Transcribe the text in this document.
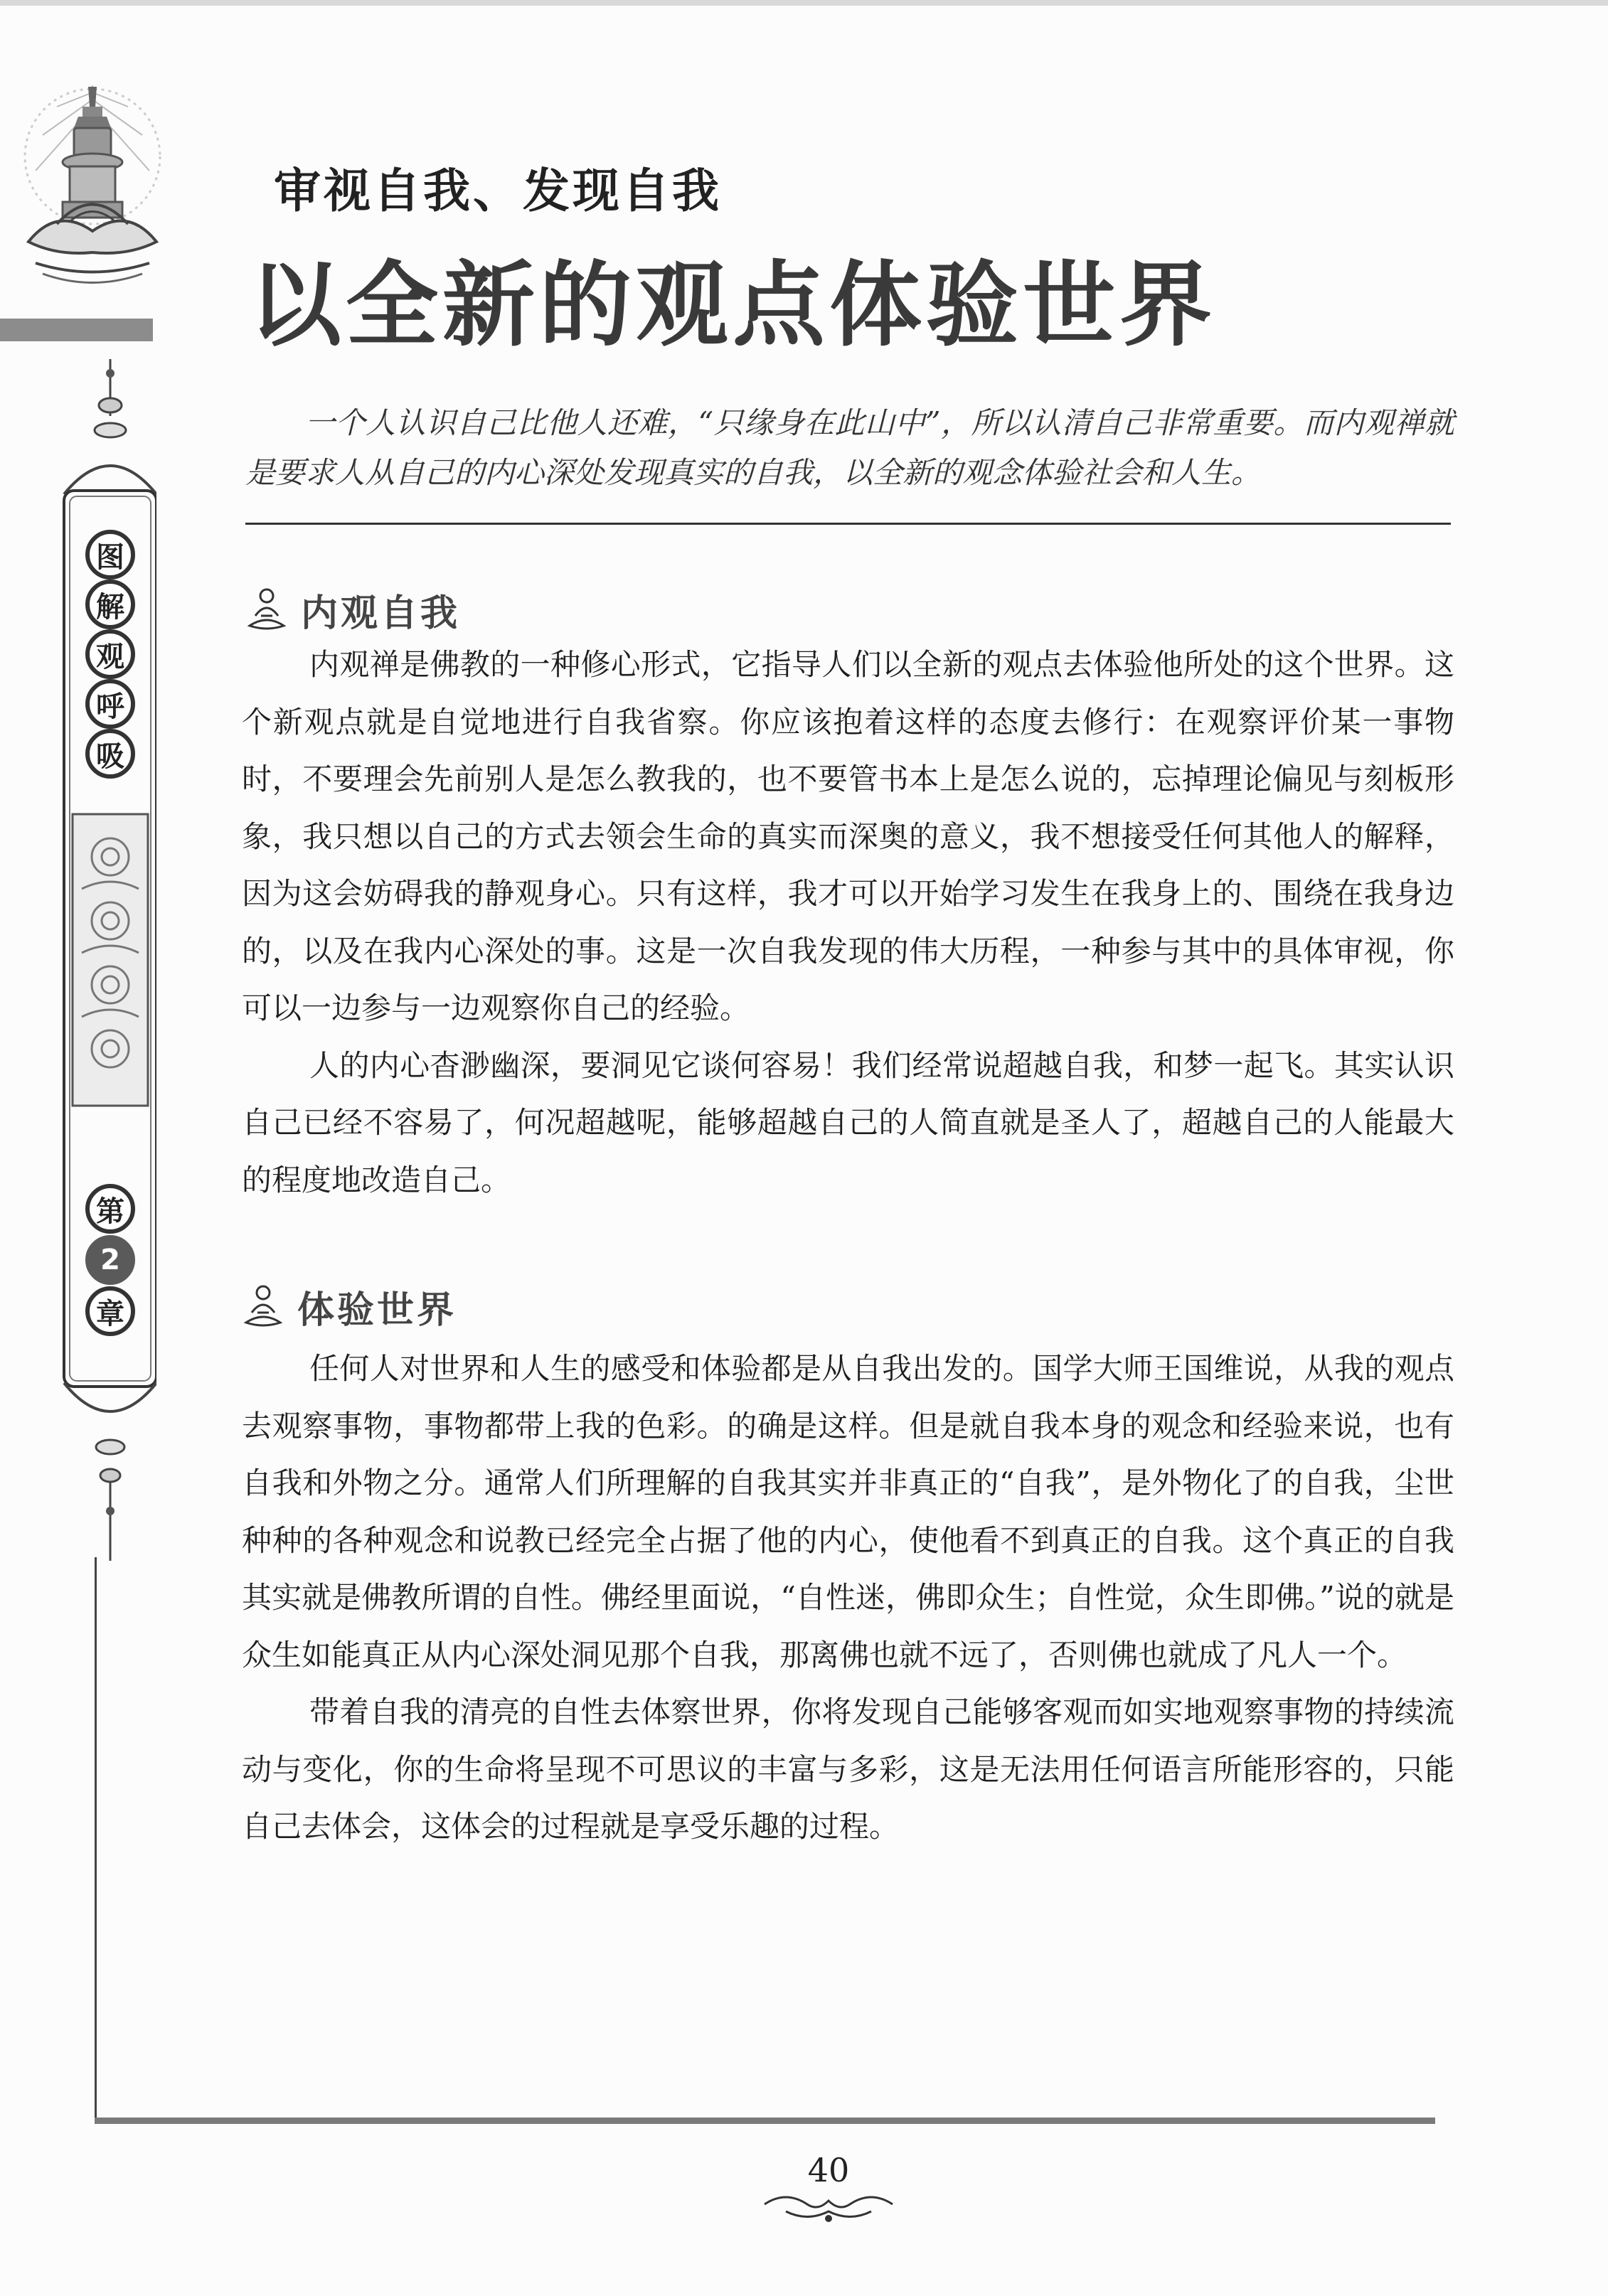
图
解
观
呼
吸
第
2
章
审视自我、发现自我
以全新的观点体验世界
一个人认识自己比他人还难，“只缘身在此山中”，所以认清自己非常重要。而内观禅就是要求人从自己的内心深处发现真实的自我，以全新的观念体验社会和人生。
内观自我

内观禅是佛教的一种修心形式，它指导人们以全新的观点去体验他所处的这个世界。这个新观点就是自觉地进行自我省察。你应该抱着这样的态度去修行：在观察评价某一事物时，不要理会先前别人是怎么教我的，也不要管书本上是怎么说的，忘掉理论偏见与刻板形象，我只想以自己的方式去领会生命的真实而深奥的意义，我不想接受任何其他人的解释，因为这会妨碍我的静观身心。只有这样，我才可以开始学习发生在我身上的、围绕在我身边的，以及在我内心深处的事。这是一次自我发现的伟大历程，一种参与其中的具体审视，你可以一边参与一边观察你自己的经验。

人的内心杳渺幽深，要洞见它谈何容易！我们经常说超越自我，和梦一起飞。其实认识自己已经不容易了，何况超越呢，能够超越自己的人简直就是圣人了，超越自己的人能最大的程度地改造自己。

体验世界

任何人对世界和人生的感受和体验都是从自我出发的。国学大师王国维说，从我的观点去观察事物，事物都带上我的色彩。的确是这样。但是就自我本身的观念和经验来说，也有自我和外物之分。通常人们所理解的自我其实并非真正的“自我”，是外物化了的自我，尘世种种的各种观念和说教已经完全占据了他的内心，使他看不到真正的自我。这个真正的自我其实就是佛教所谓的自性。佛经里面说，“自性迷，佛即众生；自性觉，众生即佛。”说的就是众生如能真正从内心深处洞见那个自我，那离佛也就不远了，否则佛也就成了凡人一个。

带着自我的清亮的自性去体察世界，你将发现自己能够客观而如实地观察事物的持续流动与变化，你的生命将呈现不可思议的丰富与多彩，这是无法用任何语言所能形容的，只能自己去体会，这体会的过程就是享受乐趣的过程。

40
